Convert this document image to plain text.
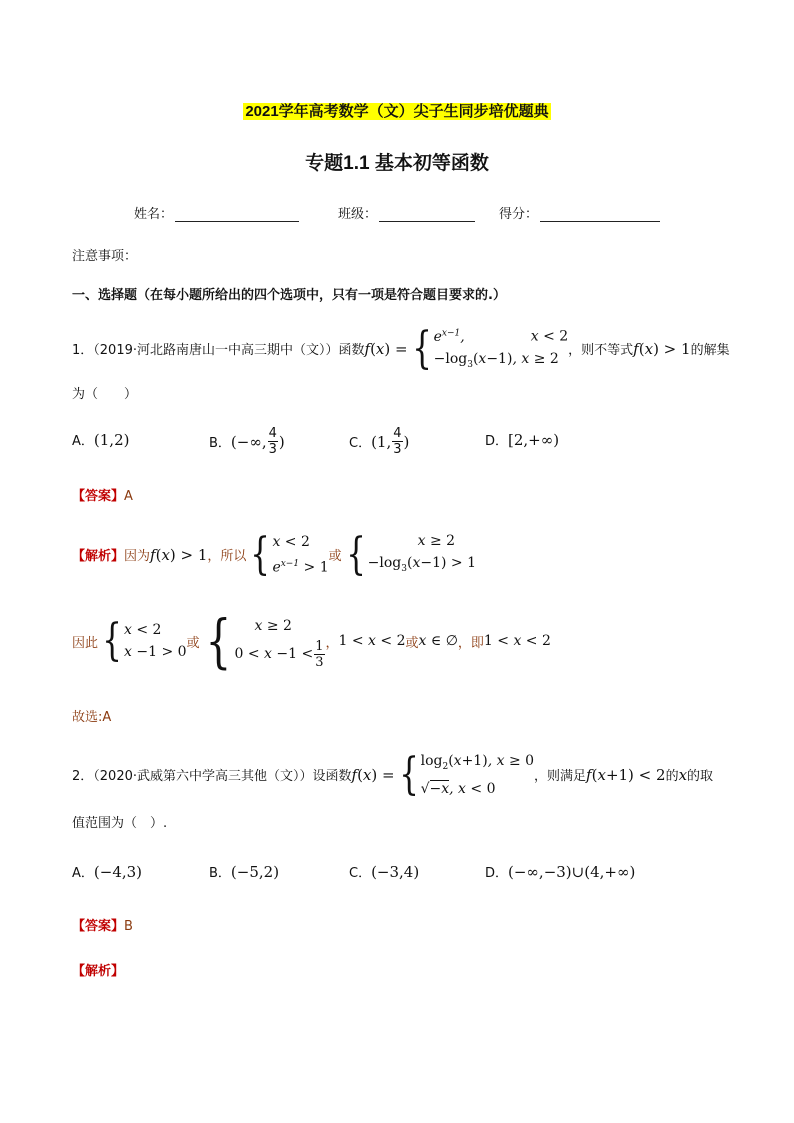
2021学年高考数学（文）尖子生同步培优题典
专题1.1 基本初等函数
姓名：	班级：	得分：
注意事项：
一、选择题（在每小题所给出的四个选项中，只有一项是符合题目要求的.）
1．（2019·河北路南唐山一中高三期中（文））函数 f(x) = { $e^{x-1}$,	x < 2
$-\log_3(x-1)$, x ≥ 2 ，则不等式 f(x) > 1 的解集
为（　　）
A． (1,2)	B． (−∞, $\frac{4}{3}$ )	C． (1, $\frac{4}{3}$ )	D． [2,+∞)
【答案】A
【解析】 因为 f(x) > 1 ，所以 { x < 2
$e^{x-1} > 1$
或 {	x ≥ 2
$-\log_3(x-1) > 1$
因此 { x < 2
x −1 > 0
或 {	x ≥ 2
$0 < x -1 < \frac{1}{3}$ ， 1 < x < 2 或 x ∈ ∅ ，即 1 < x < 2
故选:A
2．（2020·武威第六中学高三其他（文））设函数 f(x) = { $\log_2(x+1)$, x ≥ 0
√−x, x < 0
，则满足 f(x+1) < 2 的 x 的取
值范围为（　）.
A． (−4,3)	B． (−5,2)	C． (−3,4)	D． (−∞,−3)∪(4,+∞)
【答案】B
【解析】
